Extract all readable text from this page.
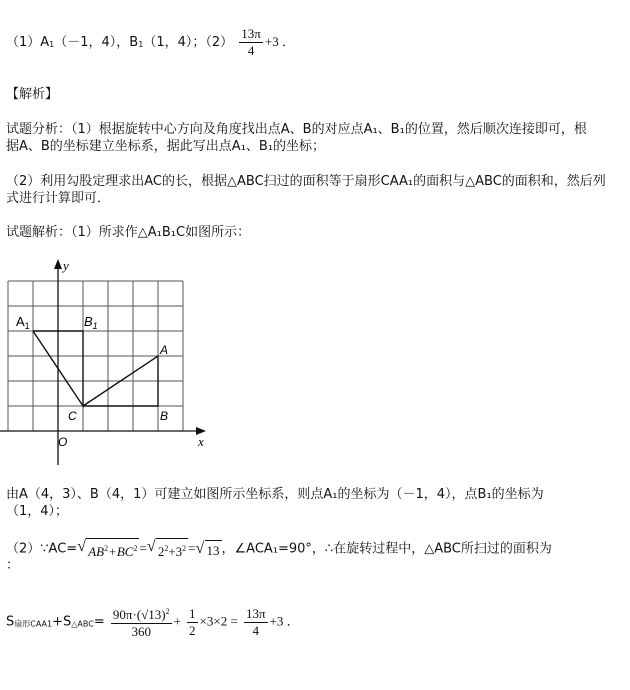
（1）A1（－1，4），B1（1，4）；$(2) \frac{13\pi}{4} +3$ ．
【解析】
试题分析：（1）根据旋转中心方向及角度找出点A、B的对应点A₁、B₁的位置，然后顺次连接即可，根
据A、B的坐标建立坐标系，据此写出点A₁、B₁的坐标；
（2）利用勾股定理求出AC的长，根据△ABC扫过的面积等于扇形CAA₁的面积与△ABC的面积和，然后列
式进行计算即可．
试题解析：（1）所求作△A₁B₁C如图所示：
y
x
O
A
B
C
$A_1$	$B_1$
由A（4，3）、B（4，1）可建立如图所示坐标系，则点A₁的坐标为（－1，4），点B₁的坐标为
（1，4）；
（2）∵AC= √ $AB^2+BC^2$ = √ $2^2+3^2$ = √ 13 ，∠ACA₁=90°，∴在旋转过程中，△ABC所扫过的面积为
：
S扇形CAA1+S△ABC= $\frac{90\pi\cdot(√13)^2}{360} + \frac{1}{2} \times 3\times 2 = \frac{13\pi}{4} +3$ ．
